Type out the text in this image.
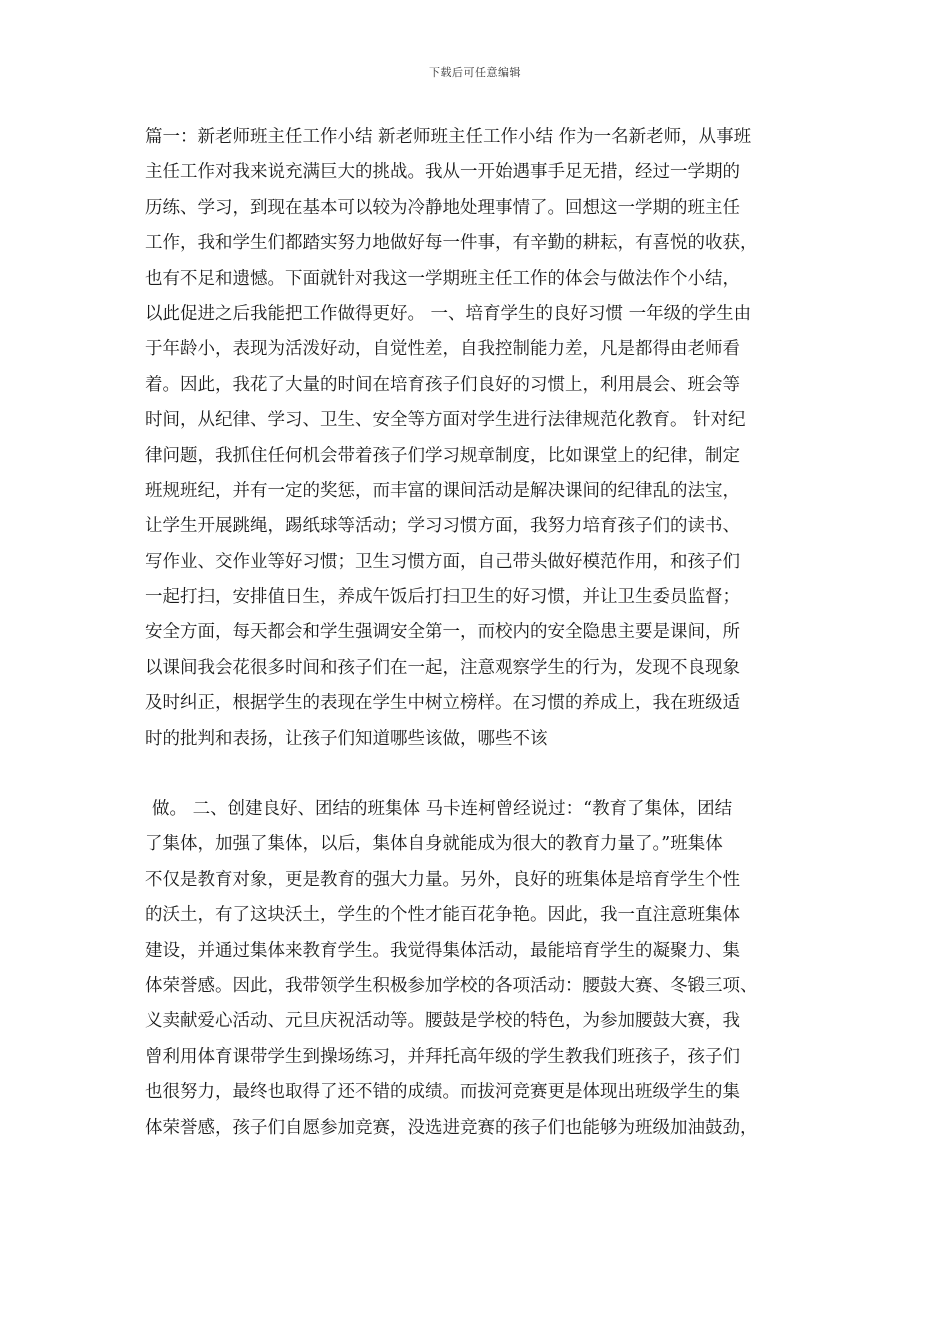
下载后可任意编辑
篇一：新老师班主任工作小结 新老师班主任工作小结 作为一名新老师，从事班
主任工作对我来说充满巨大的挑战。我从一开始遇事手足无措，经过一学期的
历练、学习，到现在基本可以较为冷静地处理事情了。回想这一学期的班主任
工作，我和学生们都踏实努力地做好每一件事，有辛勤的耕耘，有喜悦的收获，
也有不足和遗憾。下面就针对我这一学期班主任工作的体会与做法作个小结，
以此促进之后我能把工作做得更好。 一、培育学生的良好习惯 一年级的学生由
于年龄小，表现为活泼好动，自觉性差，自我控制能力差，凡是都得由老师看
着。因此，我花了大量的时间在培育孩子们良好的习惯上，利用晨会、班会等
时间，从纪律、学习、卫生、安全等方面对学生进行法律规范化教育。 针对纪
律问题，我抓住任何机会带着孩子们学习规章制度，比如课堂上的纪律，制定
班规班纪，并有一定的奖惩，而丰富的课间活动是解决课间的纪律乱的法宝，
让学生开展跳绳，踢纸球等活动；学习习惯方面，我努力培育孩子们的读书、
写作业、交作业等好习惯；卫生习惯方面，自己带头做好模范作用，和孩子们
一起打扫，安排值日生，养成午饭后打扫卫生的好习惯，并让卫生委员监督；
安全方面，每天都会和学生强调安全第一，而校内的安全隐患主要是课间，所
以课间我会花很多时间和孩子们在一起，注意观察学生的行为，发现不良现象
及时纠正，根据学生的表现在学生中树立榜样。在习惯的养成上，我在班级适
时的批判和表扬，让孩子们知道哪些该做，哪些不该
做。 二、创建良好、团结的班集体 马卡连柯曾经说过：“教育了集体，团结
了集体，加强了集体，以后，集体自身就能成为很大的教育力量了。”班集体
不仅是教育对象，更是教育的强大力量。另外，良好的班集体是培育学生个性
的沃土，有了这块沃土，学生的个性才能百花争艳。因此，我一直注意班集体
建设，并通过集体来教育学生。我觉得集体活动，最能培育学生的凝聚力、集
体荣誉感。因此，我带领学生积极参加学校的各项活动：腰鼓大赛、冬锻三项、
义卖献爱心活动、元旦庆祝活动等。腰鼓是学校的特色，为参加腰鼓大赛，我
曾利用体育课带学生到操场练习，并拜托高年级的学生教我们班孩子，孩子们
也很努力，最终也取得了还不错的成绩。而拔河竞赛更是体现出班级学生的集
体荣誉感，孩子们自愿参加竞赛，没选进竞赛的孩子们也能够为班级加油鼓劲，
